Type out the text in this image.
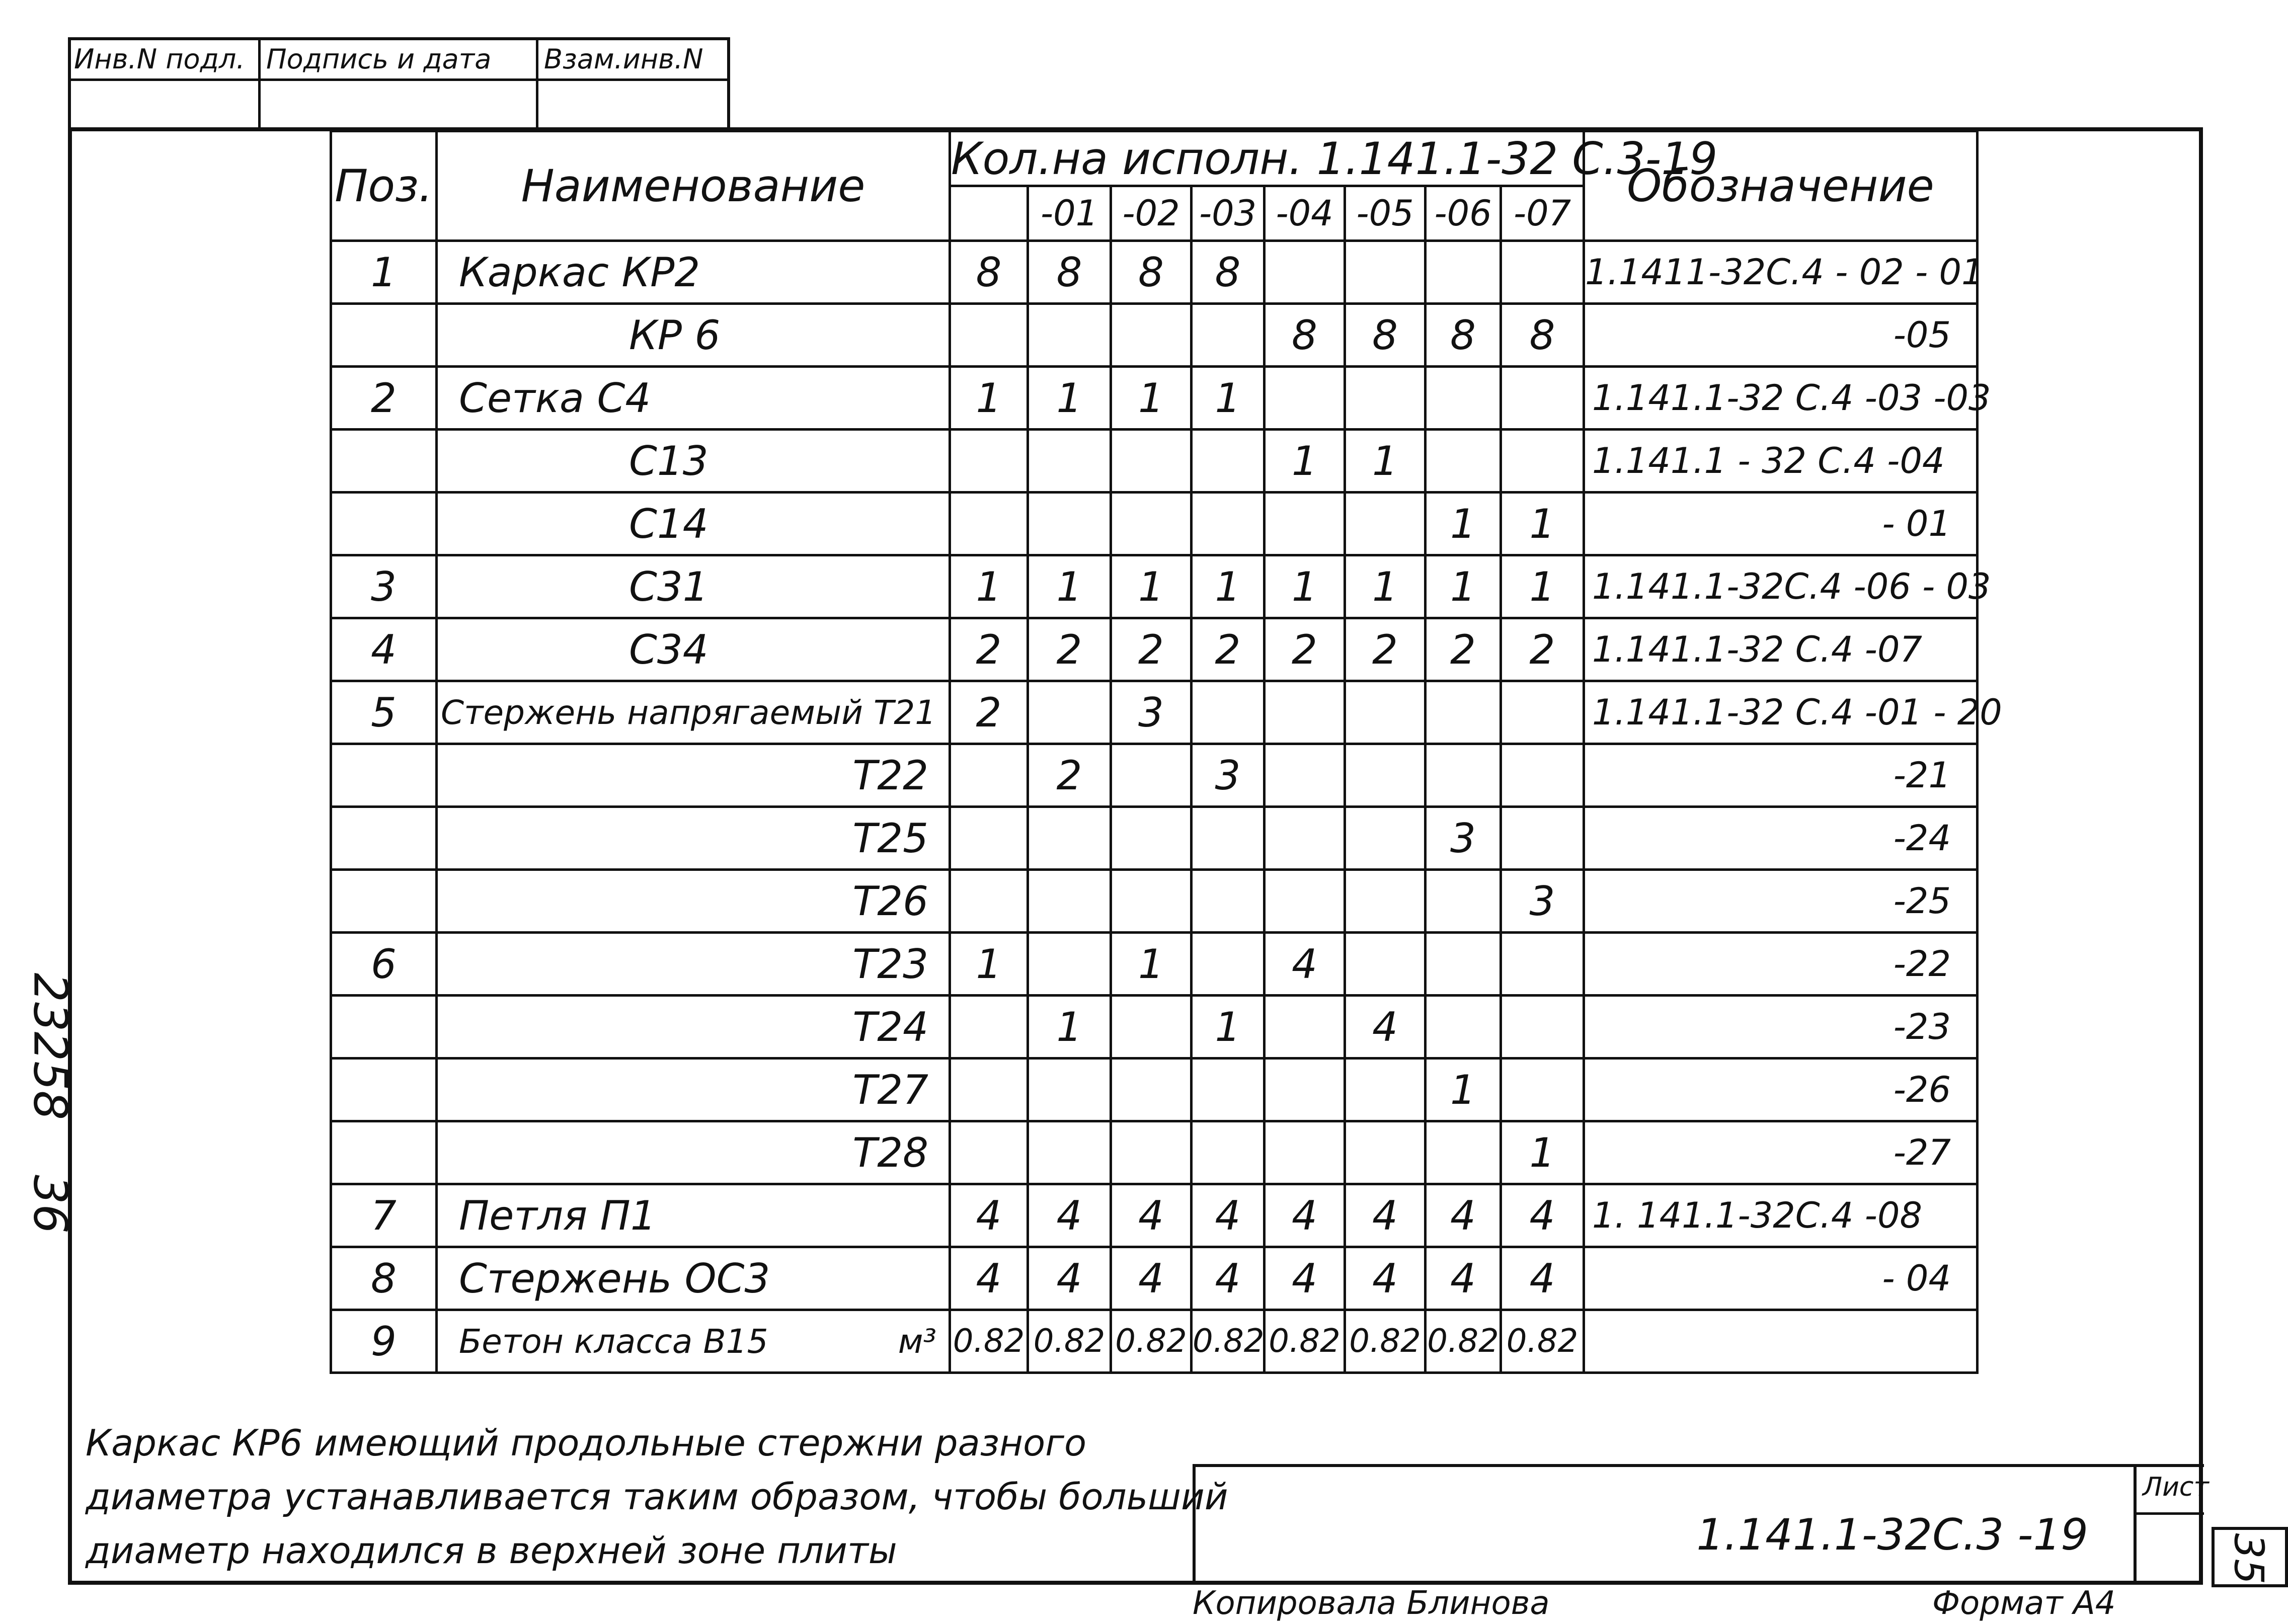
23258
36
Инв.N подл. Подпись и дата Взам.инв.N
Поз.	Наименование	Кол.на исполн. 1.141.1-32 С.3-19								Обозначение
			-01	-02	-03	-04	-05	-06	-07	
1	Каркас КР2	8	8	8	8					1.1411-32С.4 - 02 - 01
	КР 6					8	8	8	8	-05
2	Сетка С4	1	1	1	1					1.141.1-32 С.4 -03 -03
	С13					1	1			1.141.1 - 32 С.4 -04
	С14							1	1	- 01
3	С31	1	1	1	1	1	1	1	1	1.141.1-32С.4 -06 - 03
4	С34	2	2	2	2	2	2	2	2	1.141.1-32 С.4 -07
5	Стержень напрягаемый Т21	2		3						1.141.1-32 С.4 -01 - 20
	Т22		2		3					-21
	Т25							3		-24
	Т26								3	-25
6	Т23	1		1		4				-22
	Т24		1		1		4			-23
	Т27							1		-26
	Т28								1	-27
7	Петля П1	4	4	4	4	4	4	4	4	1. 141.1-32С.4 -08
8	Стержень ОС3	4	4	4	4	4	4	4	4	- 04
9	Бетон класса В15 м³	0.82	0.82	0.82	0.82	0.82	0.82	0.82	0.82	
Каркас КР6 имеющий продольные стержни разного диаметра устанавливается таким образом, чтобы больший диаметр находился в верхней зоне плиты	1.141.1-32С.3 -19
Лист
35
Копировала Блинова	Формат А4
